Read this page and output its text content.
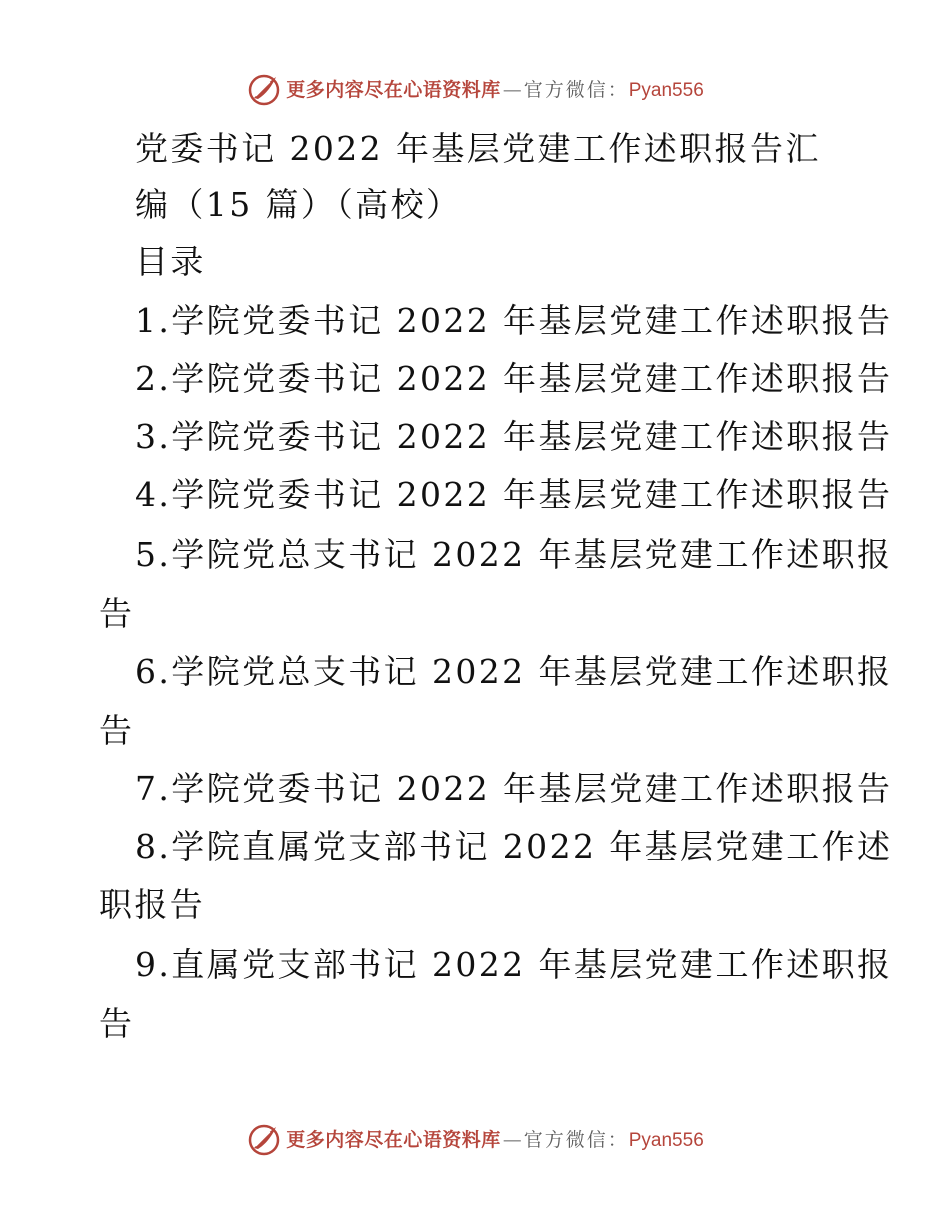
更多内容尽在心语资料库 — 官方微信： Pyan556
党委书记 2022 年基层党建工作述职报告汇
编（15 篇）（高校）
目录
1.学院党委书记 2022 年基层党建工作述职报告
2.学院党委书记 2022 年基层党建工作述职报告
3.学院党委书记 2022 年基层党建工作述职报告
4.学院党委书记 2022 年基层党建工作述职报告
5.学院党总支书记 2022 年基层党建工作述职报
告
6.学院党总支书记 2022 年基层党建工作述职报
告
7.学院党委书记 2022 年基层党建工作述职报告
8.学院直属党支部书记 2022 年基层党建工作述
职报告
9.直属党支部书记 2022 年基层党建工作述职报
告
更多内容尽在心语资料库 — 官方微信： Pyan556
